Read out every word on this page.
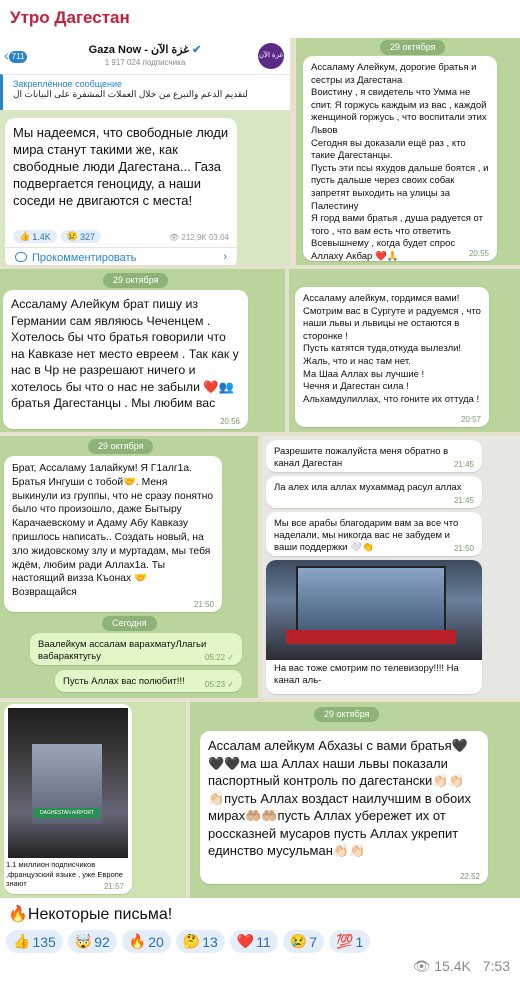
Утро Дагестан
‹ 711
Gaza Now - غزة الآن ✔
1 917 024 подписчика
غزة الآن
Закреплённое сообщение
لتقديم الدعم والتبرع من خلال العملات المشفرة على البيانات ال
Мы надеемся, что свободные люди мира станут такими же, как свободные люди Дагестана... Газа подвергается геноциду, а наши соседи не двигаются с места!
👍 1.4K 😢 327	👁 212,9K 03:04
Прокомментировать	›
29 октября
Ассаламу Алейкум, дорогие братья и сестры из Дагестана
Воистину , я свидетель что Умма не спит. Я горжусь каждым из вас , каждой женщиной горжусь , что воспитали этих Львов
Сегодня вы доказали ещё раз , кто такие Дагестанцы.
Пусть эти псы яхудов дальше боятся , и пусть дальше через своих собак запретят выходить на улицы за Палестину
Я горд вами братья , душа радуется от того , что вам есть что ответить Всевышнему , когда будет спрос Аллаху Акбар ❤️🙏	20:55
29 октября
Ассаламу Алейкум брат пишу из Германии сам являюсь Чеченцем . Хотелось бы что братья говорили что на Кавказе нет место евреем . Так как у нас в Чр не разрешают ничего и хотелось бы что о нас не забыли ❤️👥 братья Дагестанцы . Мы любим вас
20:56
Ассаламу алейкум, гордимся вами!
Смотрим вас в Сургуте и радуемся , что наши львы и львицы не остаются в сторонке !
Пусть катятся туда,откуда вылезли!
Жаль, что и нас там нет.
Ма Шаа Аллах вы лучшие !
Чечня и Дагестан сила !
Альхамдулиллах, что гоните их оттуда !
20:57
29 октября
Брат, Ассаламу 1алайкум! Я Г1алг1а. Братья Ингуши с тобой🤝. Меня выкинули из группы, что не сразу понятно было что произошло, даже Бытыру Карачаевскому и Адаму Абу Кавказу пришлось написать.. Создать новый, на зло жидовскому злу и муртадам, мы тебя ждём, любим ради Аллах1а. Ты настоящий визза Къонах 🤝 Возвращайся
21:50
Сегодня
Ваалейкум ассалам варахматуЛлагьи вабаракятугьу	05:22 ✓
Пусть Аллах вас полюбит!!!	05:23 ✓
Разрешите пожалуйста меня обратно в канал Дагестан	21:45
Ла алех ила аллах мухаммад расул аллах
21:45
Мы все арабы благодарим вам за все что наделали, мы никогда вас не забудем и ваши поддержки 🤍👏	21:50
На вас тоже смотрим по телевизору!!!! На канал аль-
DAGHESTAN AIRPORT
1.1 миллион подписчиков ,французский языке , уже Европе знают	21:57
29 октября
Ассалам алейкум Абхазы с вами братья🖤🖤🖤ма ша Аллах наши львы показали паспортный контроль по дагестански👏🏻👏🏻👏🏻пусть Аллах воздаст наилучшим в обоих мирах🤲🏼🤲🏼пусть Аллах убережет их от россказней мусаров пусть Аллах укрепит единство мусульман👏🏻👏🏻
22:52
🔥Некоторые письма!
👍 135 🤯 92 🔥 20 🤔 13 ❤️ 11 😢 7 💯 1
👁 15.4K 7:53
